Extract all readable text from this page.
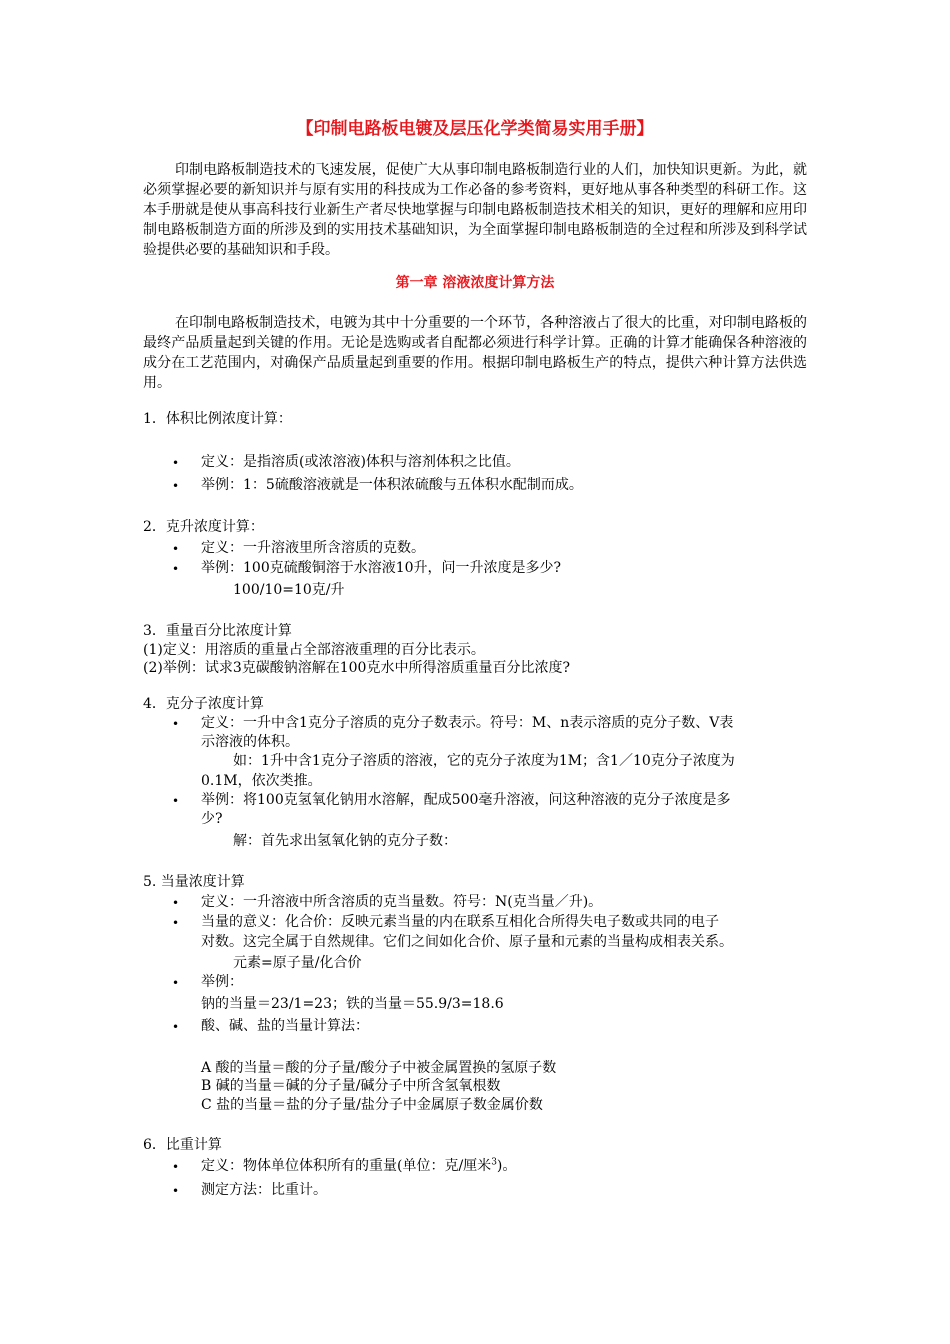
【印制电路板电镀及层压化学类简易实用手册】
印制电路板制造技术的飞速发展，促使广大从事印制电路板制造行业的人们，加快知识更新。为此，就必须掌握必要的新知识并与原有实用的科技成为工作必备的参考资料，更好地从事各种类型的科研工作。这本手册就是使从事高科技行业新生产者尽快地掌握与印制电路板制造技术相关的知识，更好的理解和应用印制电路板制造方面的所涉及到的实用技术基础知识，为全面掌握印制电路板制造的全过程和所涉及到科学试验提供必要的基础知识和手段。
第一章 溶液浓度计算方法
在印制电路板制造技术，电镀为其中十分重要的一个环节，各种溶液占了很大的比重，对印制电路板的最终产品质量起到关键的作用。无论是选购或者自配都必须进行科学计算。正确的计算才能确保各种溶液的成分在工艺范围内，对确保产品质量起到重要的作用。根据印制电路板生产的特点，提供六种计算方法供选用。
1．体积比例浓度计算：
• 定义：是指溶质(或浓溶液)体积与溶剂体积之比值。
• 举例：1：5硫酸溶液就是一体积浓硫酸与五体积水配制而成。
2．克升浓度计算：
• 定义：一升溶液里所含溶质的克数。
• 举例：100克硫酸铜溶于水溶液10升，问一升浓度是多少?
100/10=10克/升
3．重量百分比浓度计算
(1)定义：用溶质的重量占全部溶液重理的百分比表示。
(2)举例：试求3克碳酸钠溶解在100克水中所得溶质重量百分比浓度?
4．克分子浓度计算
• 定义：一升中含1克分子溶质的克分子数表示。符号：M、n表示溶质的克分子数、V表
示溶液的体积。
如：1升中含1克分子溶质的溶液，它的克分子浓度为1M；含1／10克分子浓度为
0.1M，依次类推。
• 举例：将100克氢氧化钠用水溶解，配成500毫升溶液，问这种溶液的克分子浓度是多
少?
解：首先求出氢氧化钠的克分子数：
5. 当量浓度计算
• 定义：一升溶液中所含溶质的克当量数。符号：N(克当量／升)。
• 当量的意义：化合价：反映元素当量的内在联系互相化合所得失电子数或共同的电子
对数。这完全属于自然规律。它们之间如化合价、原子量和元素的当量构成相表关系。
元素=原子量/化合价
• 举例：
钠的当量＝23/1=23；铁的当量＝55.9/3=18.6
• 酸、碱、盐的当量计算法：
A 酸的当量＝酸的分子量/酸分子中被金属置换的氢原子数
B 碱的当量＝碱的分子量/碱分子中所含氢氧根数
C 盐的当量＝盐的分子量/盐分子中金属原子数金属价数
6．比重计算
• 定义：物体单位体积所有的重量(单位：克/厘米$^3$)。
• 测定方法：比重计。
